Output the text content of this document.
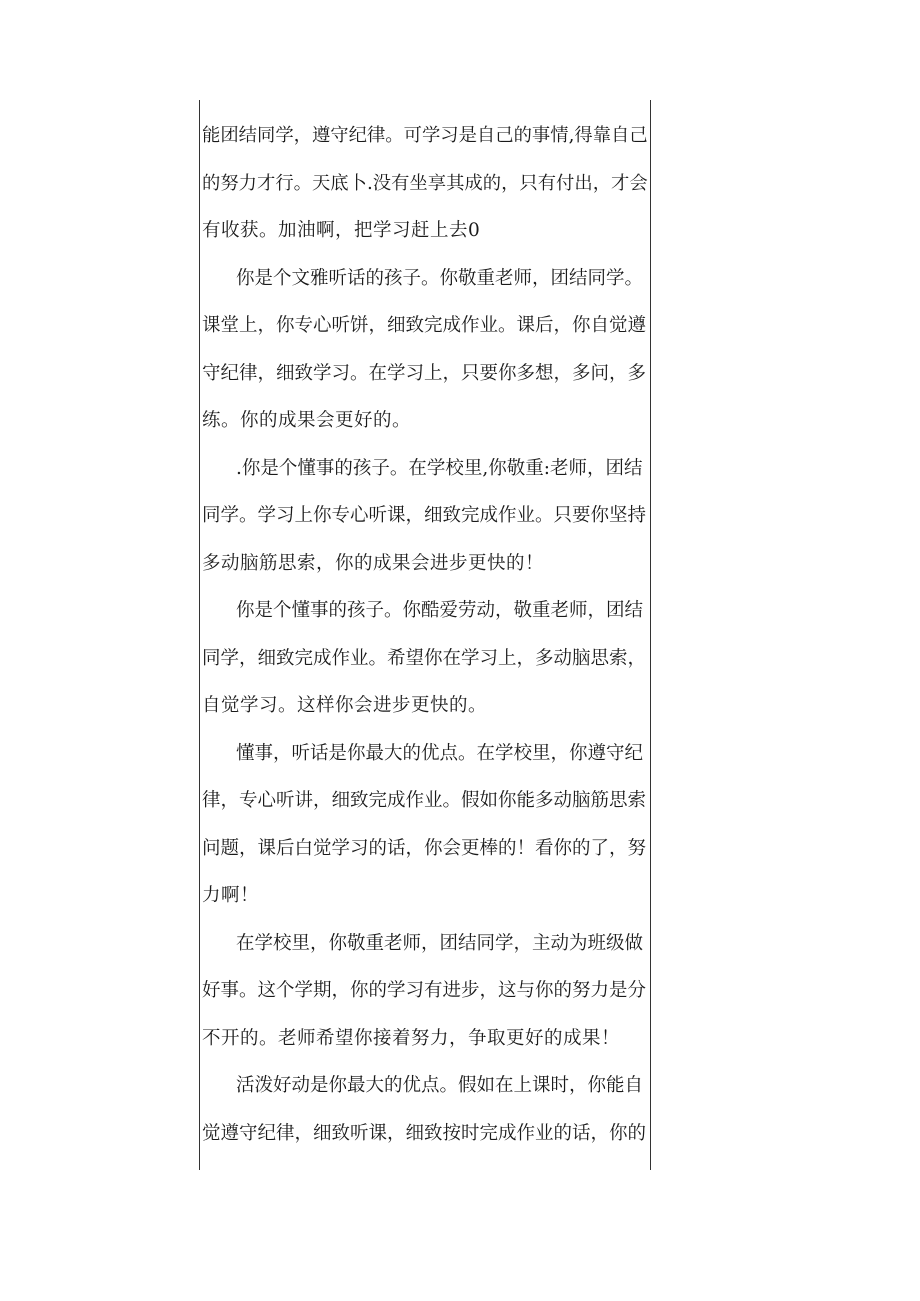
能团结同学，遵守纪律。可学习是自己的事情,得靠自己
的努力才行。天底卜.没有坐享其成的，只有付出，才会
有收获。加油啊，把学习赶上去0
你是个文雅听话的孩子。你敬重老师，团结同学。
课堂上，你专心听饼，细致完成作业。课后，你自觉遵
守纪律，细致学习。在学习上，只要你多想，多问，多
练。你的成果会更好的。
.你是个懂事的孩子。在学校里,你敬重:老师，团结
同学。学习上你专心听课，细致完成作业。只要你坚持
多动脑筋思索，你的成果会进步更快的！
你是个懂事的孩子。你酷爱劳动，敬重老师，团结
同学，细致完成作业。希望你在学习上，多动脑思索，
自觉学习。这样你会进步更快的。
懂事，听话是你最大的优点。在学校里，你遵守纪
律，专心听讲，细致完成作业。假如你能多动脑筋思索
问题，课后白觉学习的话，你会更棒的！看你的了，努
力啊！
在学校里，你敬重老师，团结同学，主动为班级做
好事。这个学期，你的学习有进步，这与你的努力是分
不开的。老师希望你接着努力，争取更好的成果！
活泼好动是你最大的优点。假如在上课时，你能自
觉遵守纪律，细致听课，细致按时完成作业的话，你的
